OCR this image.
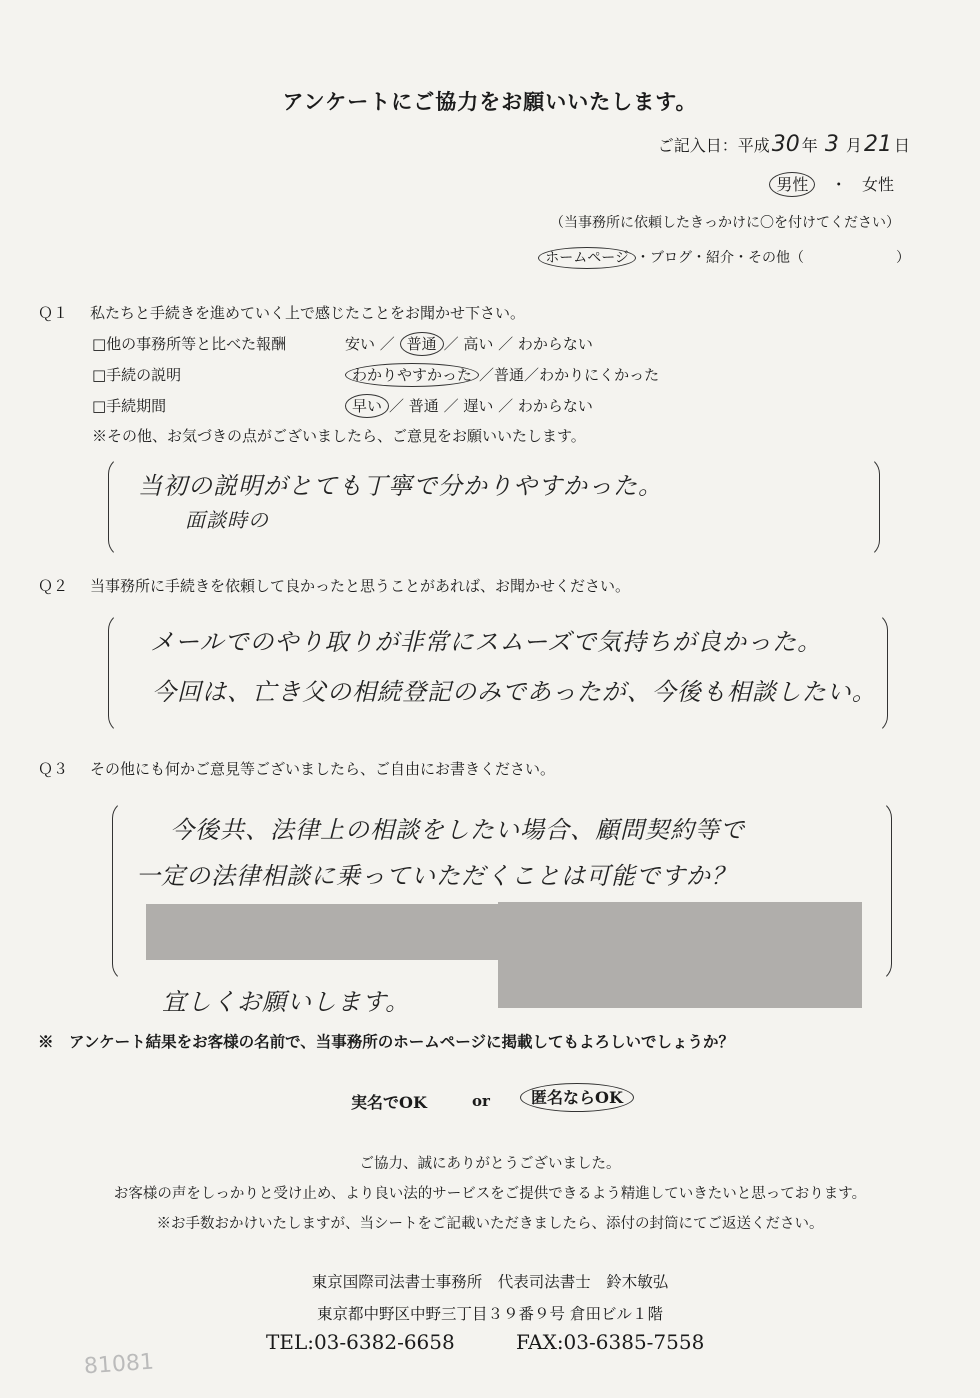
アンケートにご協力をお願いいたします。
ご記入日：平成30 年 3 月21 日
男性 ・ 女性
（当事務所に依頼したきっかけに〇を付けてください）
ホームページ ・ブログ・紹介・その他（	）
Ｑ１ 私たちと手続きを進めていく上で感じたことをお聞かせ下さい。
□他の事務所等と比べた報酬	安い ／ 普通 ／ 高い ／ わからない
□手続の説明	わかりやすかった ／普通／わかりにくかった
□手続期間	早い ／ 普通 ／ 遅い ／ わからない
※その他、お気づきの点がございましたら、ご意見をお願いいたします。
当初の説明がとても丁寧で分かりやすかった。
面談時の
Ｑ２ 当事務所に手続きを依頼して良かったと思うことがあれば、お聞かせください。
メールでのやり取りが非常にスムーズで気持ちが良かった。
今回は、亡き父の相続登記のみであったが、今後も相談したい。
Ｑ３ その他にも何かご意見等ございましたら、ご自由にお書きください。
今後共、法律上の相談をしたい場合、顧問契約等で
一定の法律相談に乗っていただくことは可能ですか？
宜しくお願いします。
※　アンケート結果をお客様の名前で、当事務所のホームページに掲載してもよろしいでしょうか？
実名でOK	or	匿名ならOK
ご協力、誠にありがとうございました。
お客様の声をしっかりと受け止め、より良い法的サービスをご提供できるよう精進していきたいと思っております。
※お手数おかけいたしますが、当シートをご記載いただきましたら、添付の封筒にてご返送ください。
東京国際司法書士事務所　代表司法書士　鈴木敏弘
東京都中野区中野三丁目３９番９号 倉田ビル１階
TEL:03-6382-6658	FAX:03-6385-7558
81081
